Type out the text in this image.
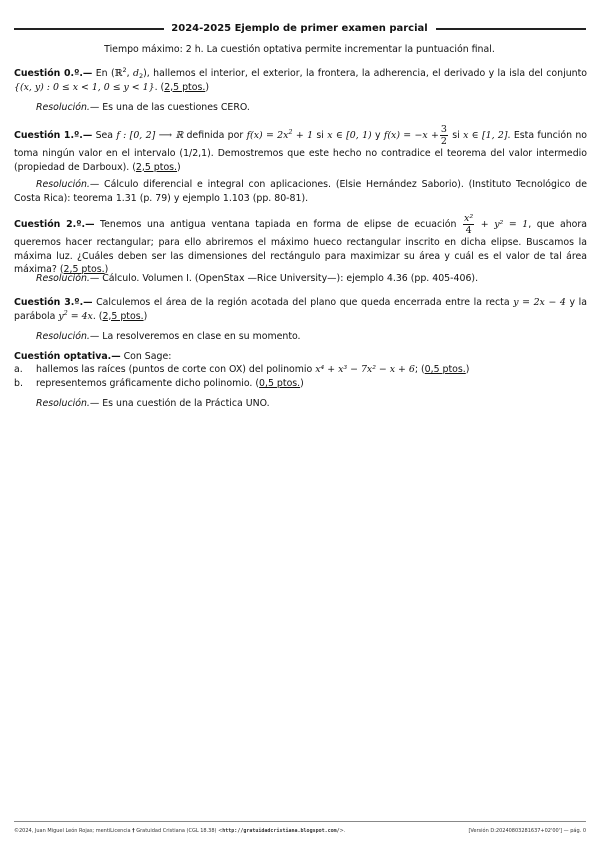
2024-2025 Ejemplo de primer examen parcial
Tiempo máximo: 2 h. La cuestión optativa permite incrementar la puntuación final.
Cuestión 0.º.— En (ℝ$^2$, $d_2$), hallemos el interior, el exterior, la frontera, la adherencia, el derivado y la isla del conjunto {(x, y) : 0 ≤ x < 1, 0 ≤ y < 1}. (2,5 ptos.)
Resolución.— Es una de las cuestiones CERO.
Cuestión 1.º.— Sea f : [0, 2] ⟶ ℝ definida por $f(x) = 2x^2 + 1$ si x ∈ [0, 1) y $f(x) = -x + \frac{3}{2}$ si x ∈ [1, 2]. Esta función no toma ningún valor en el intervalo (1/2,1). Demostremos que este hecho no contradice el teorema del valor intermedio (propiedad de Darboux). (2,5 ptos.)
Resolución.— Cálculo diferencial e integral con aplicaciones. (Elsie Hernández Saborio). (Instituto Tecnológico de Costa Rica): teorema 1.31 (p. 79) y ejemplo 1.103 (pp. 80-81).
Cuestión 2.º.— Tenemos una antigua ventana tapiada en forma de elipse de ecuación $\frac{\text{x²}}{4} + y^2 = 1$, que ahora queremos hacer rectangular; para ello abriremos el máximo hueco rectangular inscrito en dicha elipse. Buscamos la máxima luz. ¿Cuáles deben ser las dimensiones del rectángulo para maximizar su área y cuál es el valor de tal área máxima? (2,5 ptos.)
Resolución.— Cálculo. Volumen I. (OpenStax —Rice University—): ejemplo 4.36 (pp. 405-406).
Cuestión 3.º.— Calculemos el área de la región acotada del plano que queda encerrada entre la recta y = 2x − 4 y la parábola $y^2 = 4x$. (2,5 ptos.)
Resolución.— La resolveremos en clase en su momento.
Cuestión optativa.— Con Sage:
a. hallemos las raíces (puntos de corte con OX) del polinomio x⁴ + x³ − 7x² − x + 6; (0,5 ptos.)
b. representemos gráficamente dicho polinomio. (0,5 ptos.)
Resolución.— Es una cuestión de la Práctica UNO.
©2024, Juan Miguel León Rojas; mentiLicencia † Gratuidad Cristiana (CGL 18.38) <http://gratuidadcristiana.blogspot.com/>.	[Versión D:20240803281637+02'00'] — pág. 0
